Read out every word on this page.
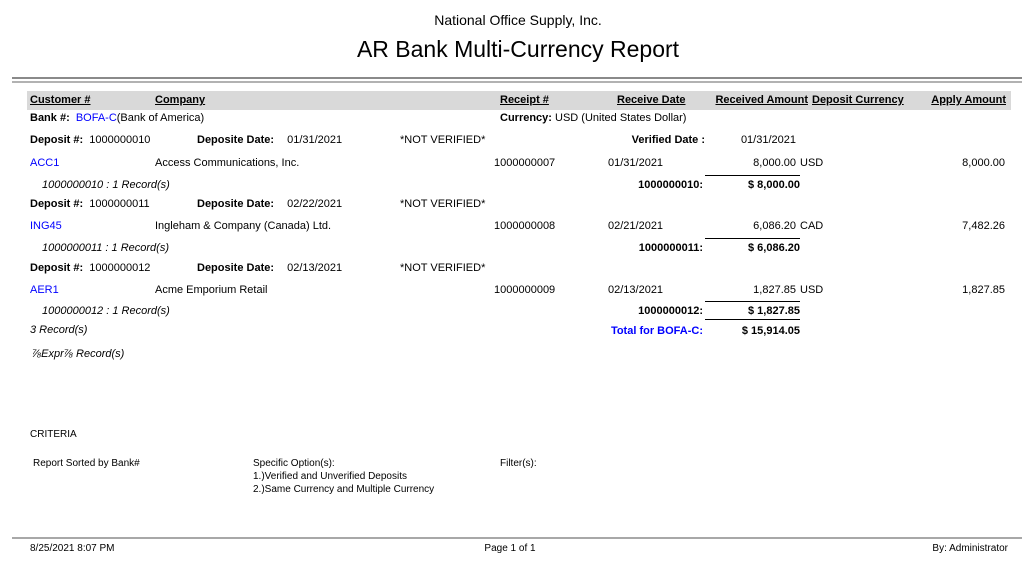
National Office Supply, Inc.
AR Bank Multi-Currency Report
Customer #	Company	Receipt #	Receive Date	Received Amount Deposit Currency	Apply Amount
Bank #: BOFA-C(Bank of America)	Currency: USD (United States Dollar)
Deposit #: 1000000010	Deposite Date: 01/31/2021	*NOT VERIFIED*	Verified Date :	01/31/2021
ACC1	Access Communications, Inc.	1000000007	01/31/2021	8,000.00 USD	8,000.00
1000000010 : 1 Record(s)	1000000010:	$ 8,000.00
Deposit #: 1000000011	Deposite Date: 02/22/2021	*NOT VERIFIED*
ING45	Ingleham & Company (Canada) Ltd.	1000000008	02/21/2021	6,086.20 CAD	7,482.26
1000000011 : 1 Record(s)	1000000011:	$ 6,086.20
Deposit #: 1000000012	Deposite Date: 02/13/2021	*NOT VERIFIED*
AER1	Acme Emporium Retail	1000000009	02/13/2021	1,827.85 USD	1,827.85
1000000012 : 1 Record(s)	1000000012:	$ 1,827.85
3 Record(s)	Total for BOFA-C:	$ 15,914.05
⅞Expr⅞ Record(s)
CRITERIA
Report Sorted by Bank#	Specific Option(s):
1.)Verified and Unverified Deposits
2.)Same Currency and Multiple Currency
Filter(s):
8/25/2021 8:07 PM	Page 1 of 1	By: Administrator
